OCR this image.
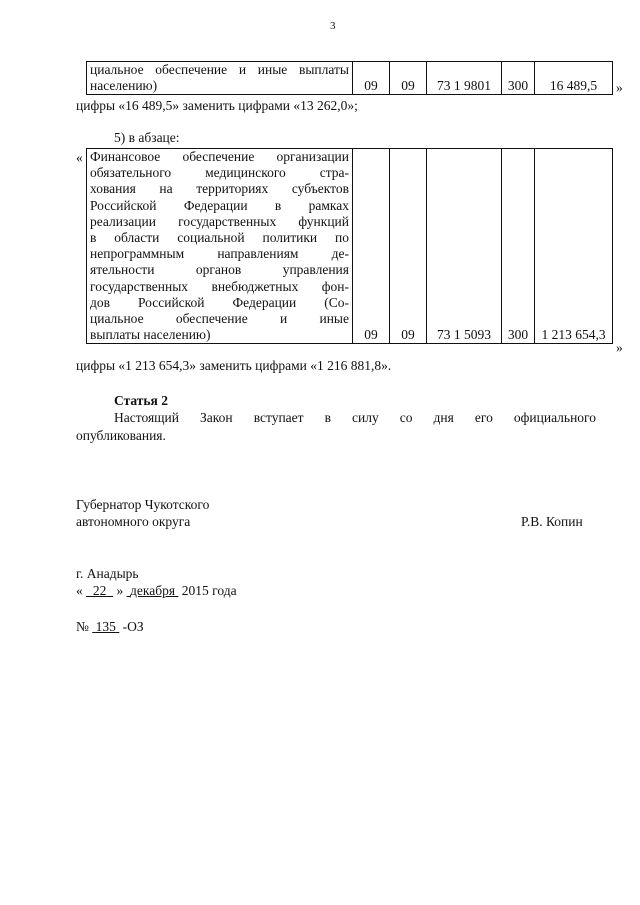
3
циальное обеспечение и иные выплаты
населению)	09	09	73 1 9801	300	16 489,5 »
цифры «16 489,5» заменить цифрами «13 262,0»;
5) в абзаце:
« Финансовое обеспечение организации
обязательного медицинского стра-
хования на территориях субъектов
Российской Федерации в рамках
реализации государственных функций
в области социальной политики по
непрограммным направлениям де-
ятельности органов управления
государственных внебюджетных фон-
дов Российской Федерации (Со-
циальное обеспечение и иные
выплаты населению)	09	09	73 1 5093	300	1 213 654,3
»
цифры «1 213 654,3» заменить цифрами «1 216 881,8».
Статья 2
Настоящий Закон вступает в силу со дня его официального
опубликования.
Губернатор Чукотского
автономного округа	Р.В. Копин
г. Анадырь
« 22 » декабря 2015 года
№ 135 -ОЗ
